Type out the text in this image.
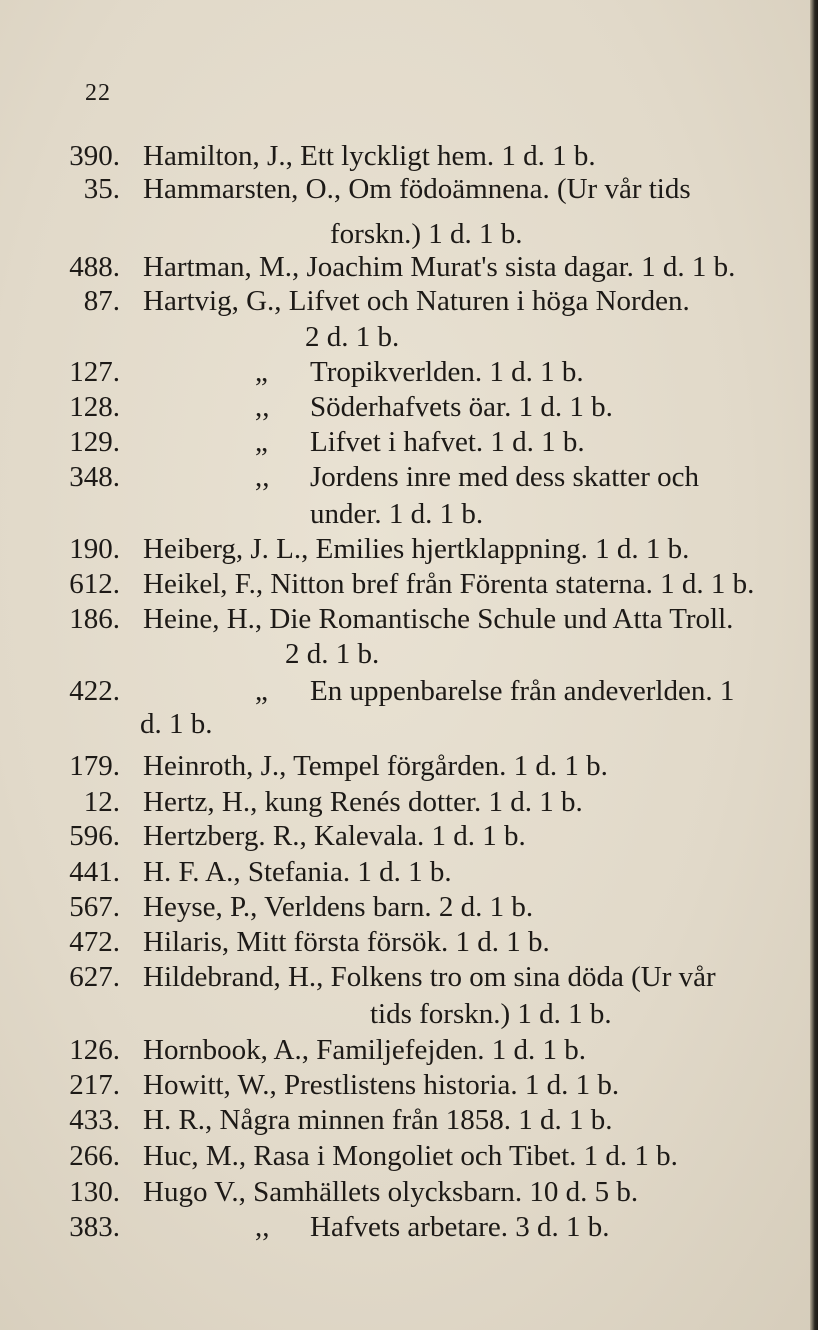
22
390. Hamilton, J., Ett lyckligt hem. 1 d. 1 b.
35. Hammarsten, O., Om födoämnena. (Ur vår tids
forskn.) 1 d. 1 b.
488. Hartman, M., Joachim Murat's sista dagar. 1 d. 1 b.
87. Hartvig, G., Lifvet och Naturen i höga Norden.
2 d. 1 b.
127.	„ Tropikverlden. 1 d. 1 b.
128.	,, Söderhafvets öar. 1 d. 1 b.
129.	„ Lifvet i hafvet. 1 d. 1 b.
348.	,, Jordens inre med dess skatter och
under. 1 d. 1 b.
190. Heiberg, J. L., Emilies hjertklappning. 1 d. 1 b.
612. Heikel, F., Nitton bref från Förenta staterna. 1 d. 1 b.
186. Heine, H., Die Romantische Schule und Atta Troll.
2 d. 1 b.
422.	„ En uppenbarelse från andeverlden. 1
d. 1 b.
179. Heinroth, J., Tempel förgården. 1 d. 1 b.
12. Hertz, H., kung Renés dotter. 1 d. 1 b.
596. Hertzberg. R., Kalevala. 1 d. 1 b.
441. H. F. A., Stefania. 1 d. 1 b.
567. Heyse, P., Verldens barn. 2 d. 1 b.
472. Hilaris, Mitt första försök. 1 d. 1 b.
627. Hildebrand, H., Folkens tro om sina döda (Ur vår
tids forskn.) 1 d. 1 b.
126. Hornbook, A., Familjefejden. 1 d. 1 b.
217. Howitt, W., Prestlistens historia. 1 d. 1 b.
433. H. R., Några minnen från 1858. 1 d. 1 b.
266. Huc, M., Rasa i Mongoliet och Tibet. 1 d. 1 b.
130. Hugo V., Samhällets olycksbarn. 10 d. 5 b.
383.	,, Hafvets arbetare. 3 d. 1 b.
